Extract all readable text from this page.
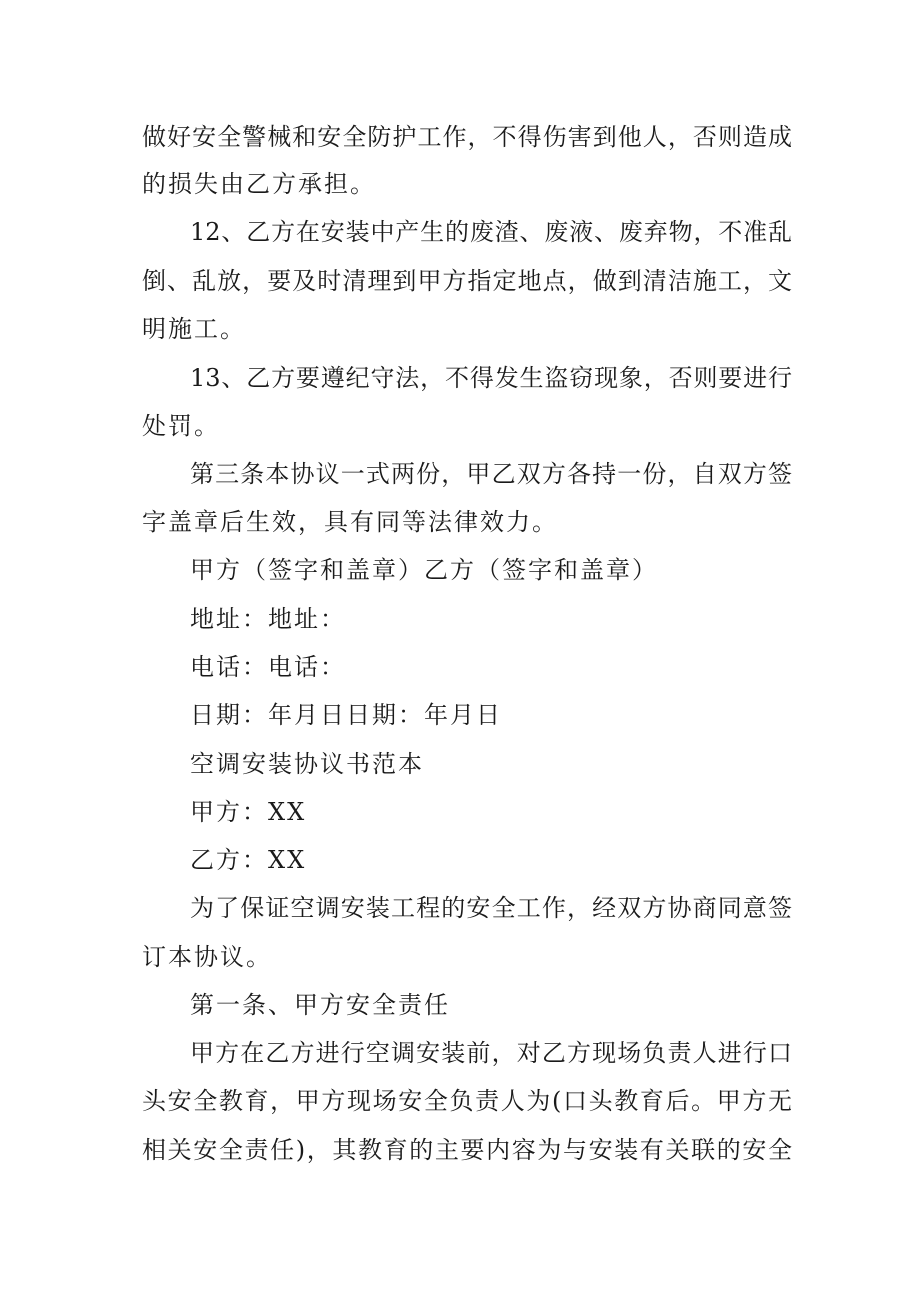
做好安全警械和安全防护工作，不得伤害到他人，否则造成
的损失由乙方承担。
12、乙方在安装中产生的废渣、废液、废弃物，不准乱
倒、乱放，要及时清理到甲方指定地点，做到清洁施工，文
明施工。
13、乙方要遵纪守法，不得发生盗窃现象，否则要进行
处罚。
第三条本协议一式两份，甲乙双方各持一份，自双方签
字盖章后生效，具有同等法律效力。
甲方（签字和盖章）乙方（签字和盖章）
地址：地址：
电话：电话：
日期：年月日日期：年月日
空调安装协议书范本
甲方：XX
乙方：XX
为了保证空调安装工程的安全工作，经双方协商同意签
订本协议。
第一条、甲方安全责任
甲方在乙方进行空调安装前，对乙方现场负责人进行口
头安全教育，甲方现场安全负责人为(口头教育后。甲方无
相关安全责任)，其教育的主要内容为与安装有关联的安全
